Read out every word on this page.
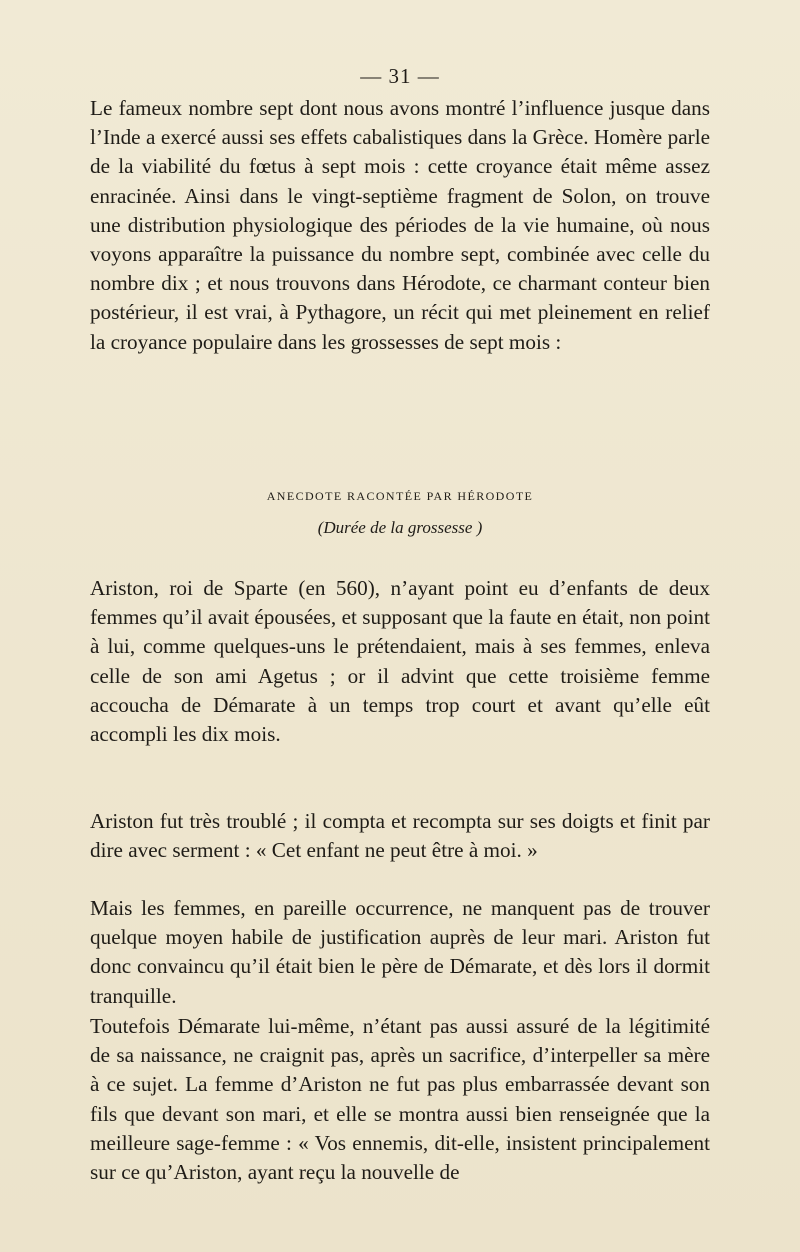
— 31 —

Le fameux nombre sept dont nous avons montré l’influence jusque dans l’Inde a exercé aussi ses effets cabalistiques dans la Grèce. Homère parle de la viabilité du fœtus à sept mois : cette croyance était même assez enracinée. Ainsi dans le vingt-septième fragment de Solon, on trouve une distribution physiologique des périodes de la vie humaine, où nous voyons apparaître la puissance du nombre sept, combinée avec celle du nombre dix ; et nous trouvons dans Hérodote, ce charmant conteur bien postérieur, il est vrai, à Pythagore, un récit qui met pleinement en relief la croyance populaire dans les grossesses de sept mois :

ANECDOTE RACONTÉE PAR HÉRODOTE
(Durée de la grossesse )

Ariston, roi de Sparte (en 560), n’ayant point eu d’enfants de deux femmes qu’il avait épousées, et supposant que la faute en était, non point à lui, comme quelques-uns le prétendaient, mais à ses femmes, enleva celle de son ami Agetus ; or il advint que cette troisième femme accoucha de Démarate à un temps trop court et avant qu’elle eût accompli les dix mois.

Ariston fut très troublé ; il compta et recompta sur ses doigts et finit par dire avec serment : « Cet enfant ne peut être à moi. »

Mais les femmes, en pareille occurrence, ne manquent pas de trouver quelque moyen habile de justification auprès de leur mari. Ariston fut donc convaincu qu’il était bien le père de Démarate, et dès lors il dormit tranquille.

Toutefois Démarate lui-même, n’étant pas aussi assuré de la légitimité de sa naissance, ne craignit pas, après un sacrifice, d’interpeller sa mère à ce sujet. La femme d’Ariston ne fut pas plus embarrassée devant son fils que devant son mari, et elle se montra aussi bien renseignée que la meilleure sage-femme : « Vos ennemis, dit-elle, insistent principalement sur ce qu’Ariston, ayant reçu la nouvelle de
